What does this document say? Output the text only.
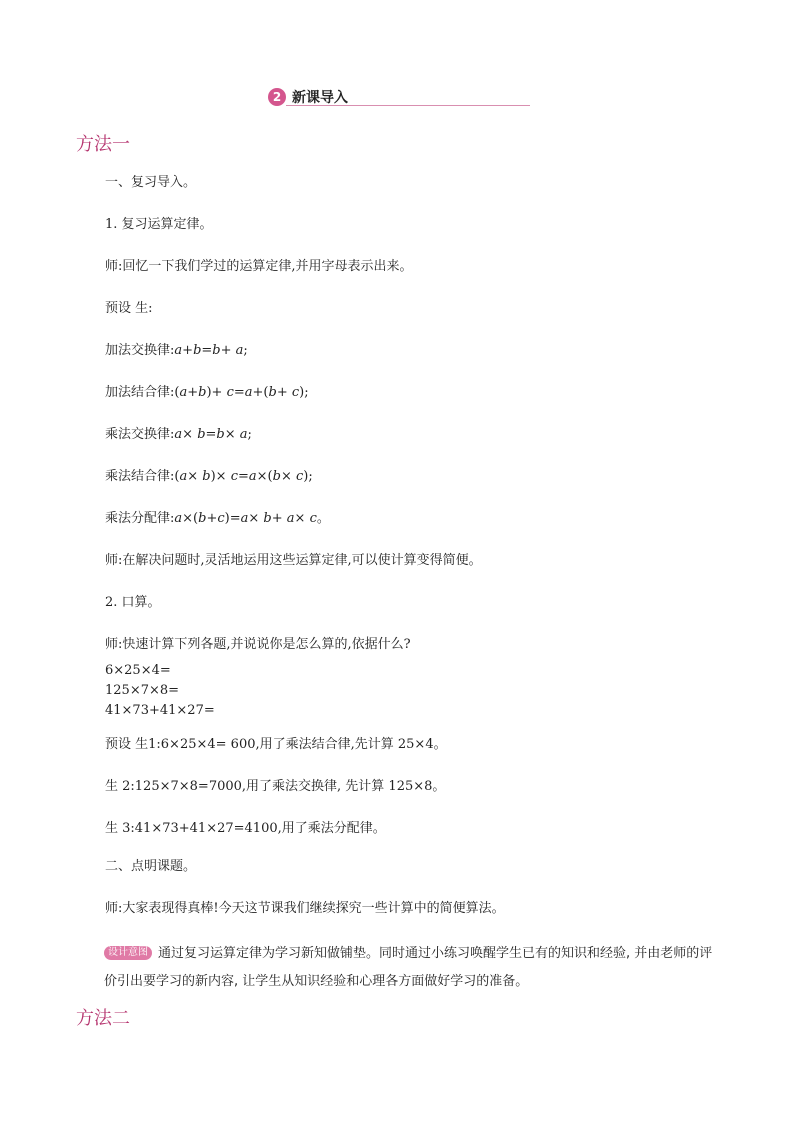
2 新课导入
方法一
一、复习导入。
1. 复习运算定律。
师:回忆一下我们学过的运算定律,并用字母表示出来。
预设 生:
加法交换律:a+b=b+ a;
加法结合律:(a+b)+ c=a+(b+ c);
乘法交换律:a× b=b× a;
乘法结合律:(a× b)× c=a×(b× c);
乘法分配律:a×(b+c)=a× b+ a× c。
师:在解决问题时,灵活地运用这些运算定律,可以使计算变得简便。
2. 口算。
师:快速计算下列各题,并说说你是怎么算的,依据什么?
6×25×4=
125×7×8=
41×73+41×27=
预设 生1:6×25×4= 600,用了乘法结合律,先计算 25×4。
生 2:125×7×8=7000,用了乘法交换律, 先计算 125×8。
生 3:41×73+41×27=4100,用了乘法分配律。
二、点明课题。
师:大家表现得真棒!今天这节课我们继续探究一些计算中的简便算法。
设计意图 通过复习运算定律为学习新知做铺垫。同时通过小练习唤醒学生已有的知识和经验, 并由老师的评价引出要学习的新内容, 让学生从知识经验和心理各方面做好学习的准备。
方法二
